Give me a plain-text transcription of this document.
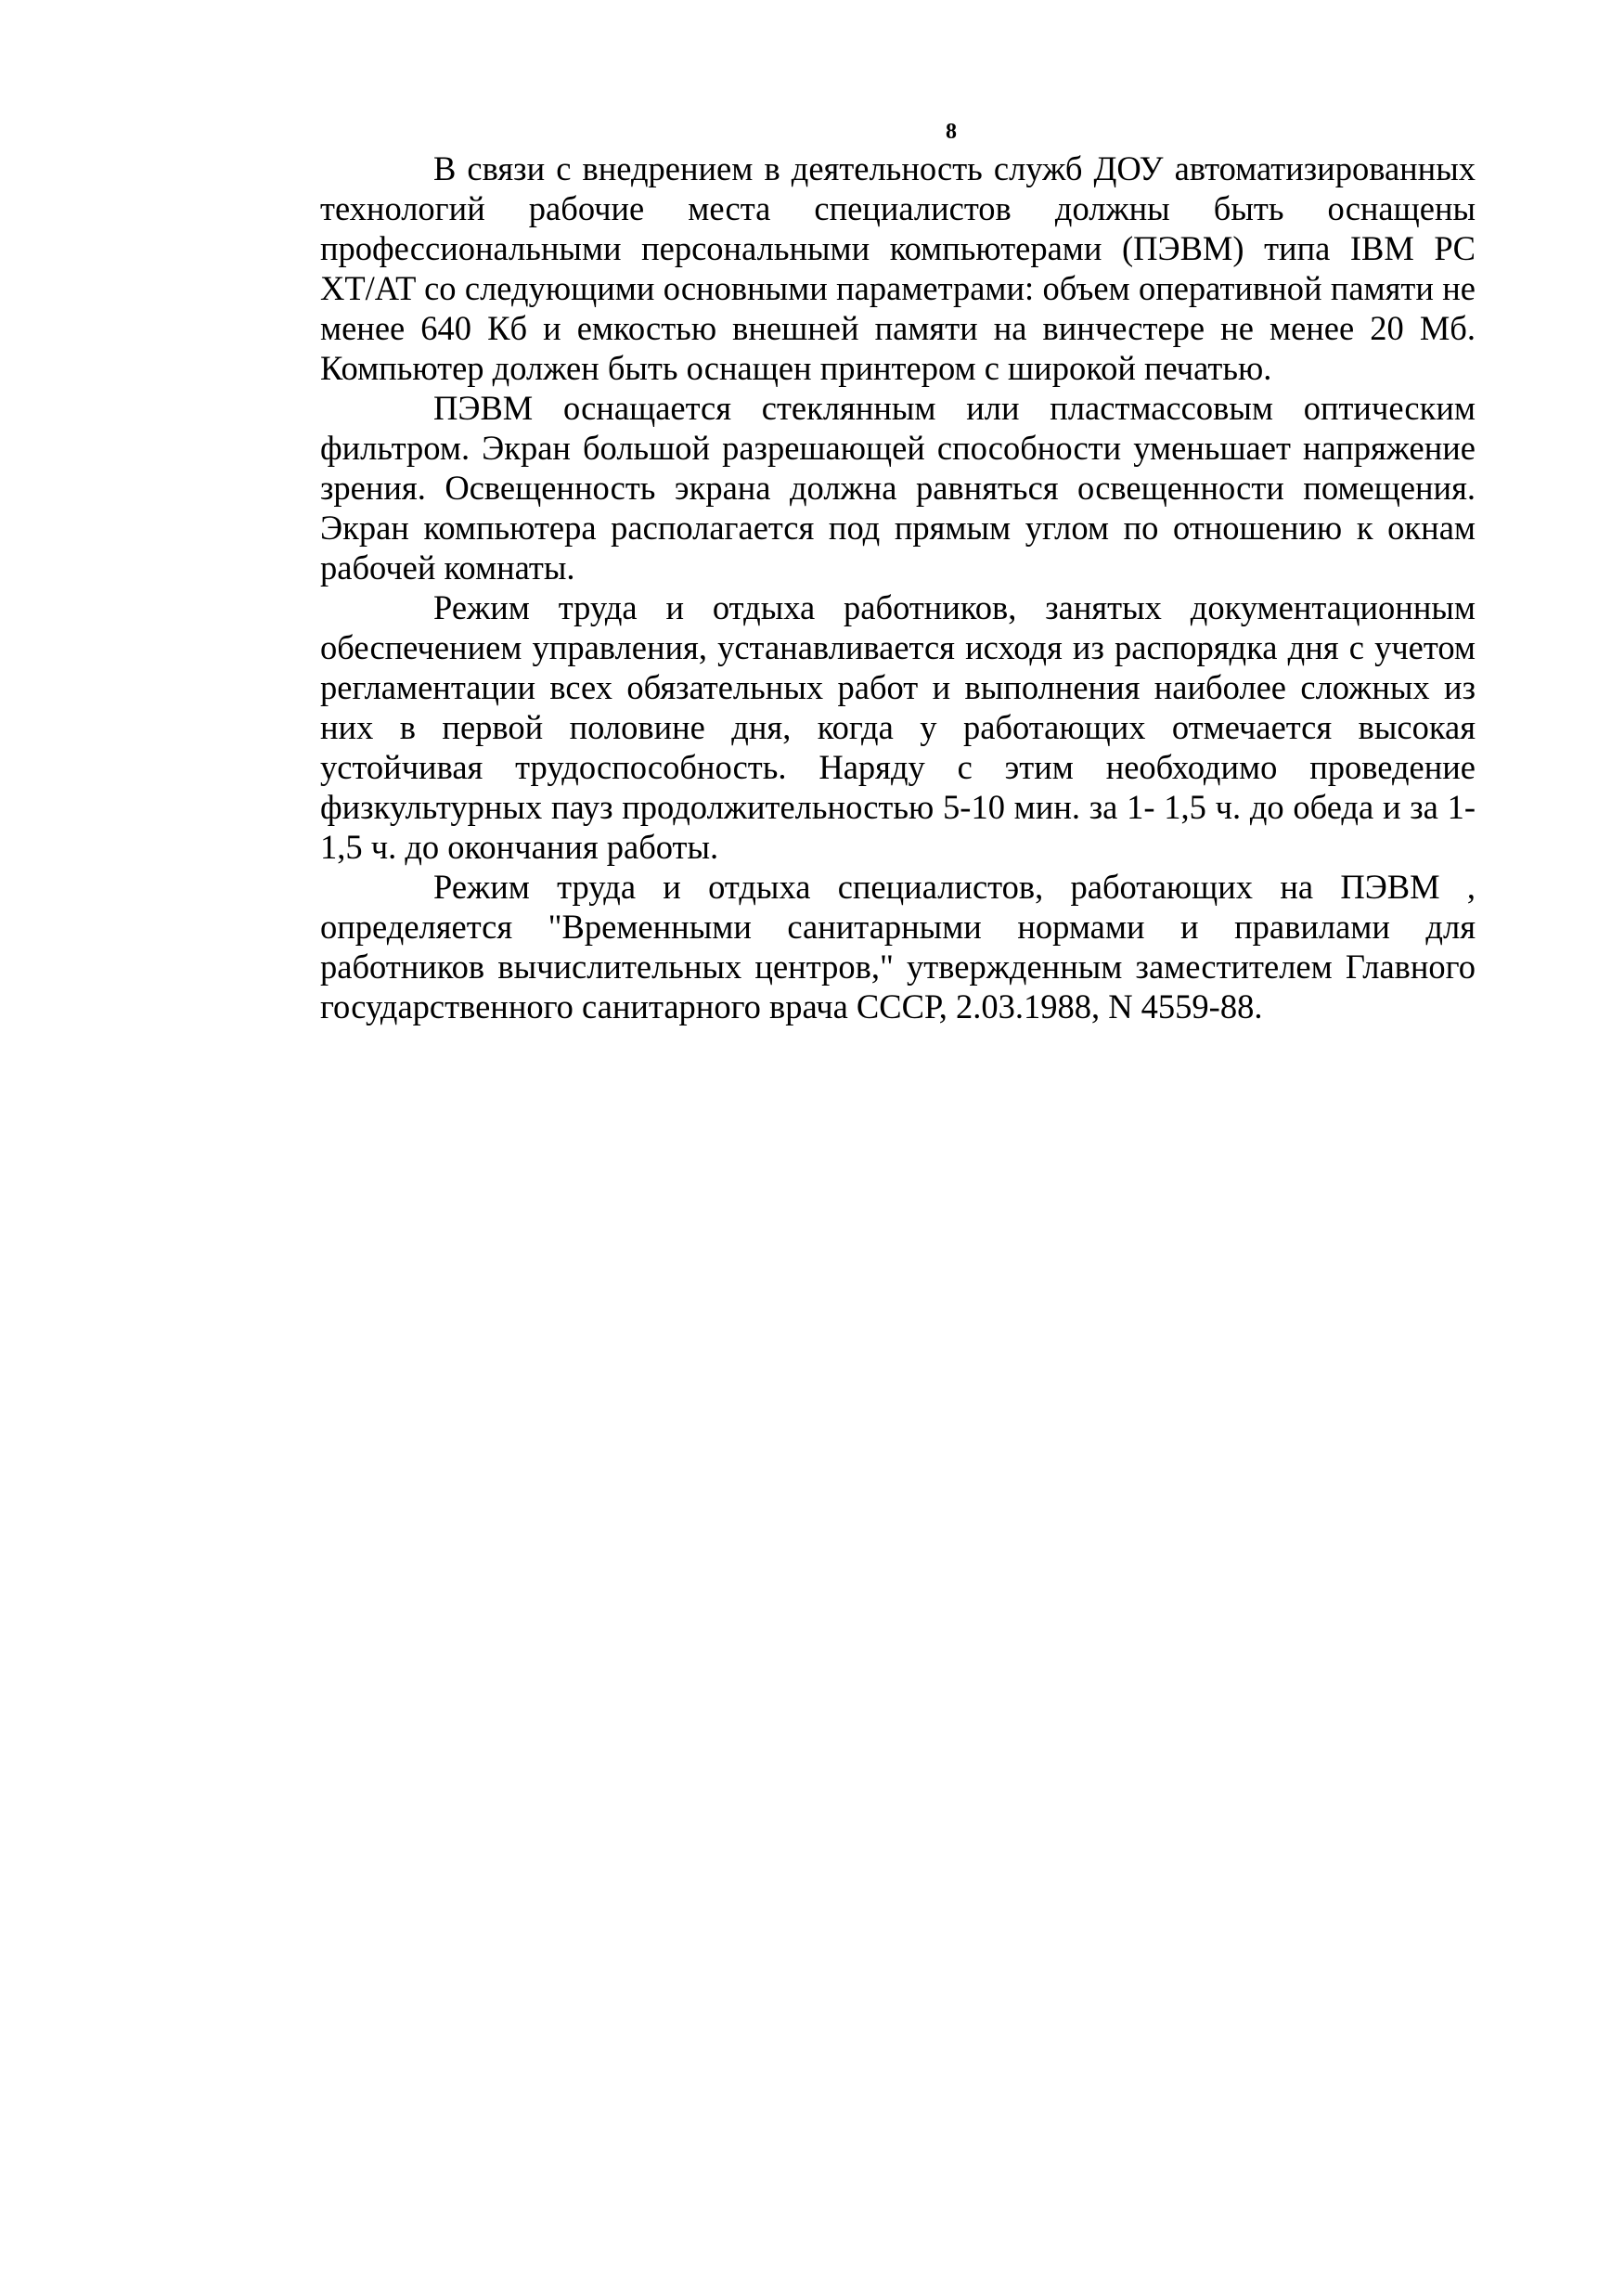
8

В связи с внедрением в деятельность служб ДОУ автоматизированных технологий рабочие места специалистов должны быть оснащены профессиональными персональными компьютерами (ПЭВМ) типа IBM PC XT/AT со следующими основными параметрами: объем оперативной памяти не менее 640 Кб и емкостью внешней памяти на винчестере не менее 20 Мб. Компьютер должен быть оснащен принтером с широкой печатью.

ПЭВМ оснащается стеклянным или пластмассовым оптическим фильтром. Экран большой разрешающей способности уменьшает напряжение зрения. Освещенность экрана должна равняться освещенности помещения. Экран компьютера располагается под прямым углом по отношению к окнам рабочей комнаты.

Режим труда и отдыха работников, занятых документационным обеспечением управления, устанавливается исходя из распорядка дня с учетом регламентации всех обязательных работ и выполнения наиболее сложных из них в первой половине дня, когда у работающих отмечается высокая устойчивая трудоспособность. Наряду с этим необходимо проведение физкультурных пауз продолжительностью 5-10 мин. за 1- 1,5 ч. до обеда и за 1-1,5 ч. до окончания работы.

Режим труда и отдыха специалистов, работающих на ПЭВМ , определяется "Временными санитарными нормами и правилами для работников вычислительных центров," утвержденным заместителем Главного государственного санитарного врача СССР, 2.03.1988, N 4559-88.
